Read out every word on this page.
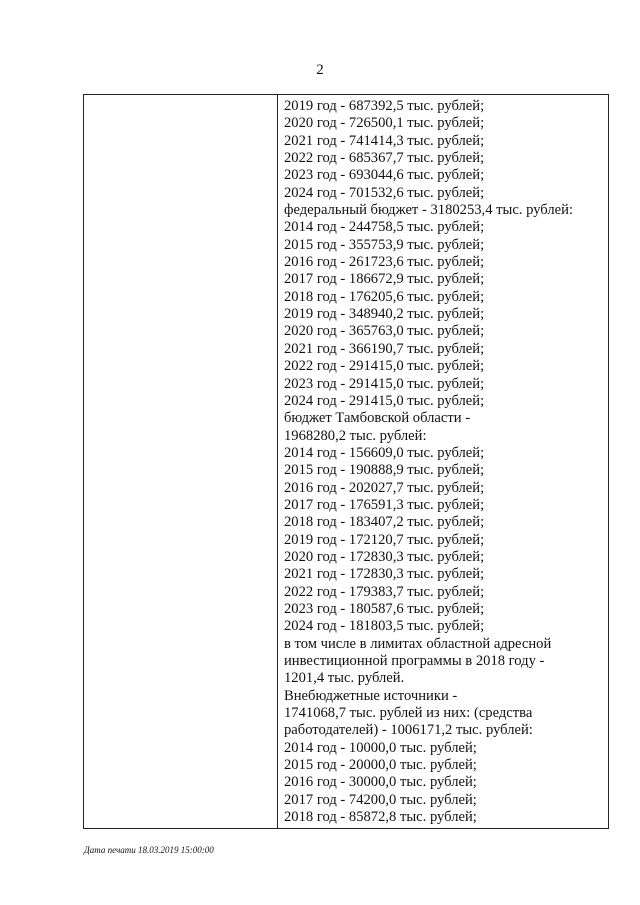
2
2019 год - 687392,5 тыс. рублей;
2020 год - 726500,1 тыс. рублей;
2021 год - 741414,3 тыс. рублей;
2022 год - 685367,7 тыс. рублей;
2023 год - 693044,6 тыс. рублей;
2024 год - 701532,6 тыс. рублей;
федеральный бюджет - 3180253,4 тыс. рублей:
2014 год - 244758,5 тыс. рублей;
2015 год - 355753,9 тыс. рублей;
2016 год - 261723,6 тыс. рублей;
2017 год - 186672,9 тыс. рублей;
2018 год - 176205,6 тыс. рублей;
2019 год - 348940,2 тыс. рублей;
2020 год - 365763,0 тыс. рублей;
2021 год - 366190,7 тыс. рублей;
2022 год - 291415,0 тыс. рублей;
2023 год - 291415,0 тыс. рублей;
2024 год - 291415,0 тыс. рублей;
бюджет Тамбовской области -
1968280,2 тыс. рублей:
2014 год - 156609,0 тыс. рублей;
2015 год - 190888,9 тыс. рублей;
2016 год - 202027,7 тыс. рублей;
2017 год - 176591,3 тыс. рублей;
2018 год - 183407,2 тыс. рублей;
2019 год - 172120,7 тыс. рублей;
2020 год - 172830,3 тыс. рублей;
2021 год - 172830,3 тыс. рублей;
2022 год - 179383,7 тыс. рублей;
2023 год - 180587,6 тыс. рублей;
2024 год - 181803,5 тыс. рублей;
в том числе в лимитах областной адресной
инвестиционной программы в 2018 году -
1201,4 тыс. рублей.
Внебюджетные источники -
1741068,7 тыс. рублей из них: (средства
работодателей) - 1006171,2 тыс. рублей:
2014 год - 10000,0 тыс. рублей;
2015 год - 20000,0 тыс. рублей;
2016 год - 30000,0 тыс. рублей;
2017 год - 74200,0 тыс. рублей;
2018 год - 85872,8 тыс. рублей;
Дата печати 18.03.2019 15:00:00
